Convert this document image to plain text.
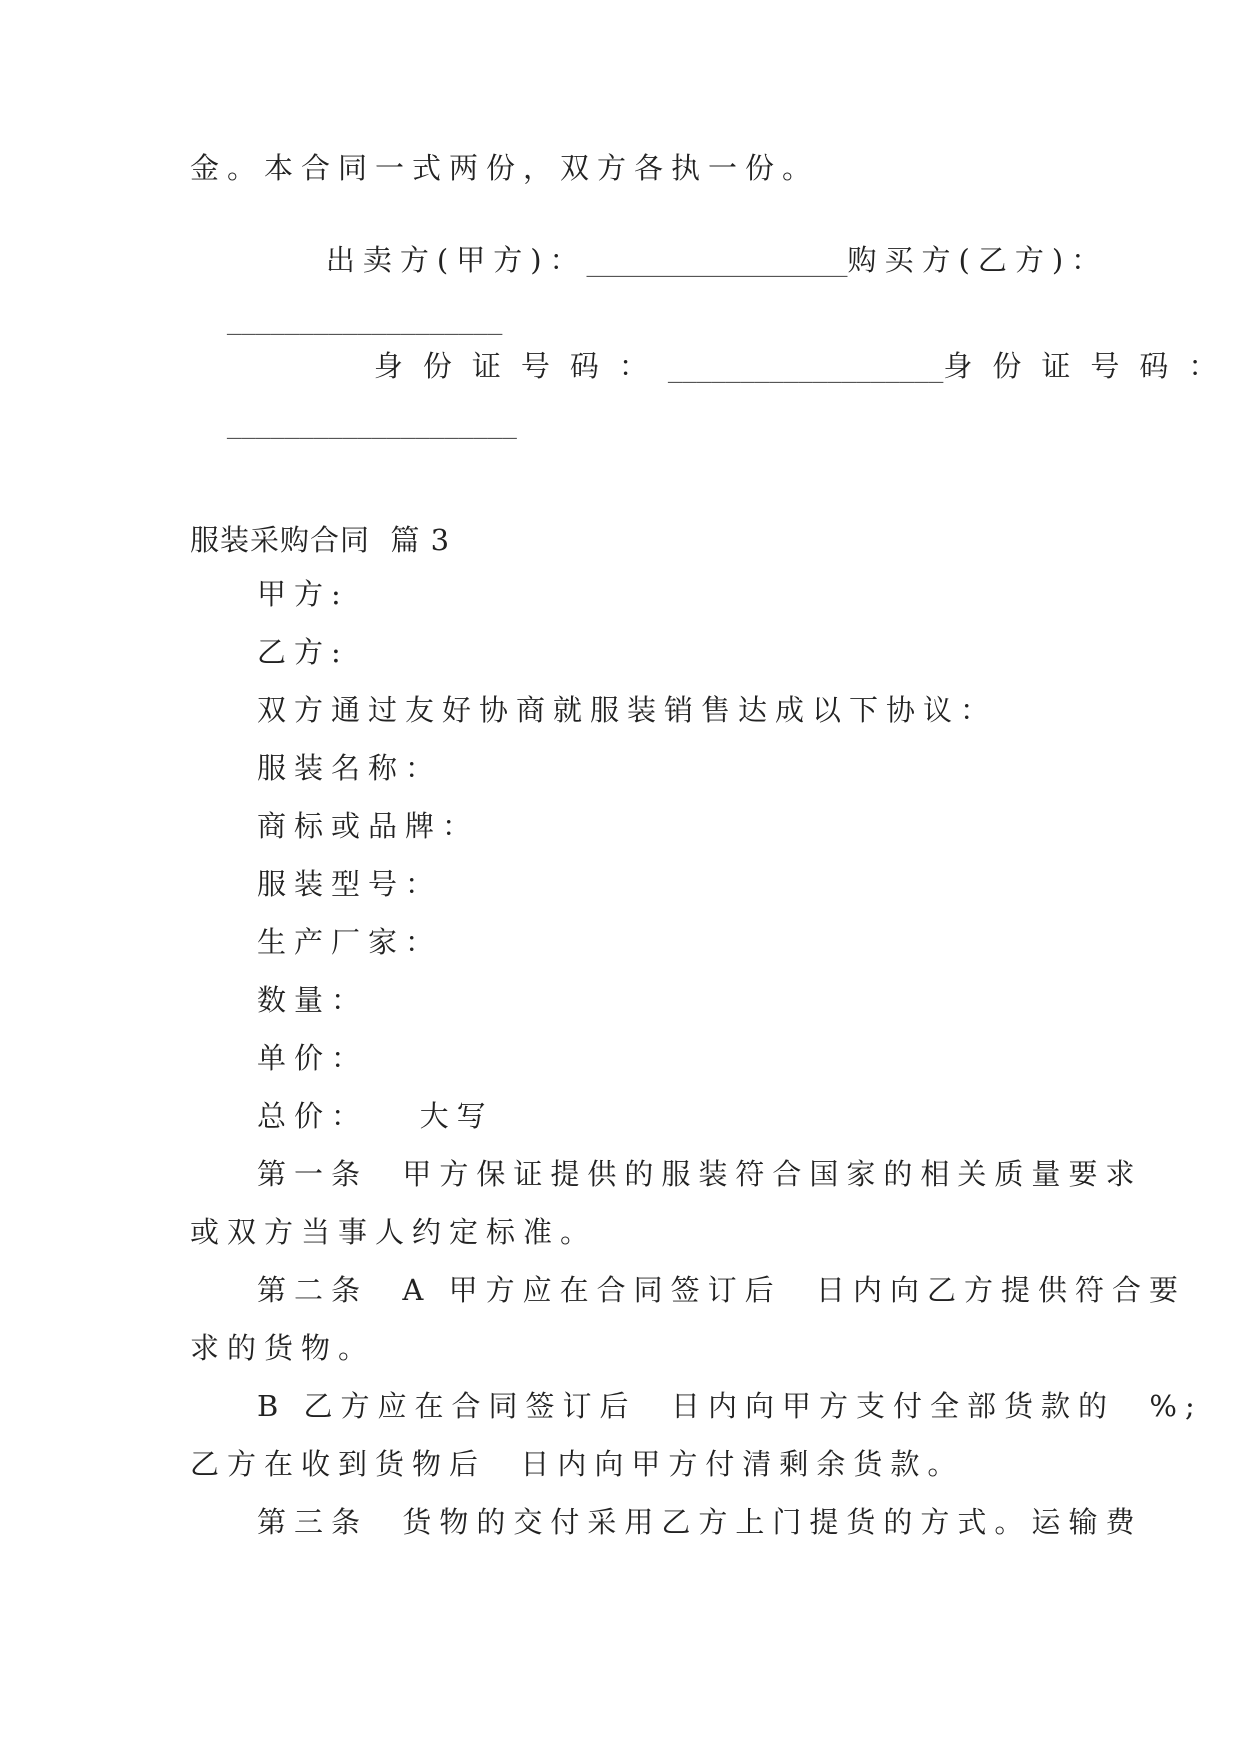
金。本合同一式两份，双方各执一份。

出卖方(甲方)：__________________购买方(乙方)：

___________________

身份证号码：___________________身份证号码：

____________________

服装采购合同  篇 3
甲方:
乙方:
双方通过友好协商就服装销售达成以下协议：
服装名称：
商标或品牌：
服装型号：
生产厂家：
数量：
单价：
总价：   大写
第一条  甲方保证提供的服装符合国家的相关质量要求
或双方当事人约定标准。
第二条  A 甲方应在合同签订后  日内向乙方提供符合要
求的货物。
B 乙方应在合同签订后  日内向甲方支付全部货款的  %;
乙方在收到货物后  日内向甲方付清剩余货款。
第三条  货物的交付采用乙方上门提货的方式。运输费
